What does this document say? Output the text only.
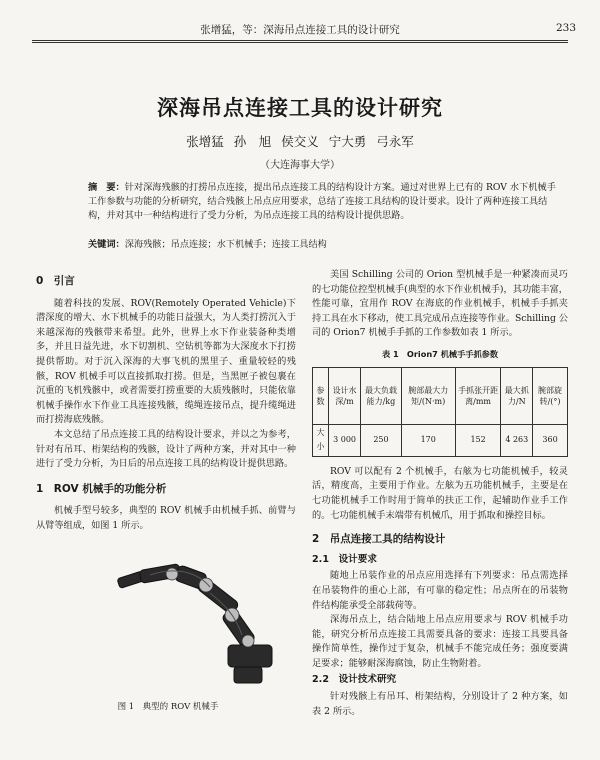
张增猛，等：深海吊点连接工具的设计研究	233
深海吊点连接工具的设计研究
张增猛 孙　旭 侯交义 宁大勇 弓永军
（大连海事大学）
摘　要：针对深海残骸的打捞吊点连接，提出吊点连接工具的结构设计方案。通过对世界上已有的 ROV 水下机械手工作参数与功能的分析研究，结合残骸上吊点应用要求，总结了连接工具结构的设计要求。设计了两种连接工具结构，并对其中一种结构进行了受力分析，为吊点连接工具的结构设计提供思路。
关键词：深海残骸；吊点连接；水下机械手；连接工具结构
0　引言

随着科技的发展、ROV(Remotely Operated Vehicle)下潜深度的增大、水下机械手的功能日益强大，为人类打捞沉入于来越深海的残骸带来希望。此外，世界上水下作业装备种类增多，并且日益先进，水下切割机、空钻机等都为大深度水下打捞提供帮助。对于沉入深海的大事飞机的黑里子、重量较轻的残骸，ROV 机械手可以直接抓取打捞。但是，当黑匣子被包裹在沉重的飞机残骸中，或者需要打捞重要的大质残骸时，只能依靠机械手操作水下作业工具连接残骸，缆绳连接吊点，提升缆绳进而打捞海底残骸。

本文总结了吊点连接工具的结构设计要求，并以之为参考，针对有吊耳、桁架结构的残骸，设计了两种方案，并对其中一种进行了受力分析，为日后的吊点连接工具的结构设计提供思路。

1　ROV 机械手的功能分析

机械手型号较多，典型的 ROV 机械手由机械手抓、前臂与从臂等组成，如图 1 所示。

图 1　典型的 ROV 机械手

美国 Schilling 公司的 Orion 型机械手是一种紧凑而灵巧的七功能位控型机械手(典型的水下作业机械手)，其功能丰富，性能可靠，宜用作 ROV 在海底的作业机械手，机械手手抓夹持工具在水下移动，使工具完成吊点连接等作业。Schilling 公司的 Orion7 机械手手抓的工作参数如表 1 所示。

表 1　Orion7 机械手手抓参数
参数	设计水深/m	最大负载能力/kg	腕部最大力矩/(N·m)	手抓张开距离/mm	最大抓力/N	腕部旋转/(°)
大小	3 000	250	170	152	4 263	360

ROV 可以配有 2 个机械手，右舷为七功能机械手，较灵活，精度高，主要用于作业。左舷为五功能机械手，主要是在七功能机械手工作时用于简单的扶正工作，起辅助作业手工作的。七功能机械手末端带有机械爪，用于抓取和操控目标。

2　吊点连接工具的结构设计
2.1　设计要求

随地上吊装作业的吊点应用选择有下列要求：吊点需选择在吊装物件的重心上部，有可靠的稳定性；吊点所在的吊装物件结构能承受全部载荷等。

深海吊点上，结合陆地上吊点应用要求与 ROV 机械手功能，研究分析吊点连接工具需要具备的要求：连接工具要具备操作简单性，操作过于复杂，机械手不能完成任务；强度要满足要求；能够耐深海腐蚀，防止生物附着。

2.2　设计技术研究

针对残骸上有吊耳、桁架结构，分别设计了 2 种方案，如表 2 所示。
